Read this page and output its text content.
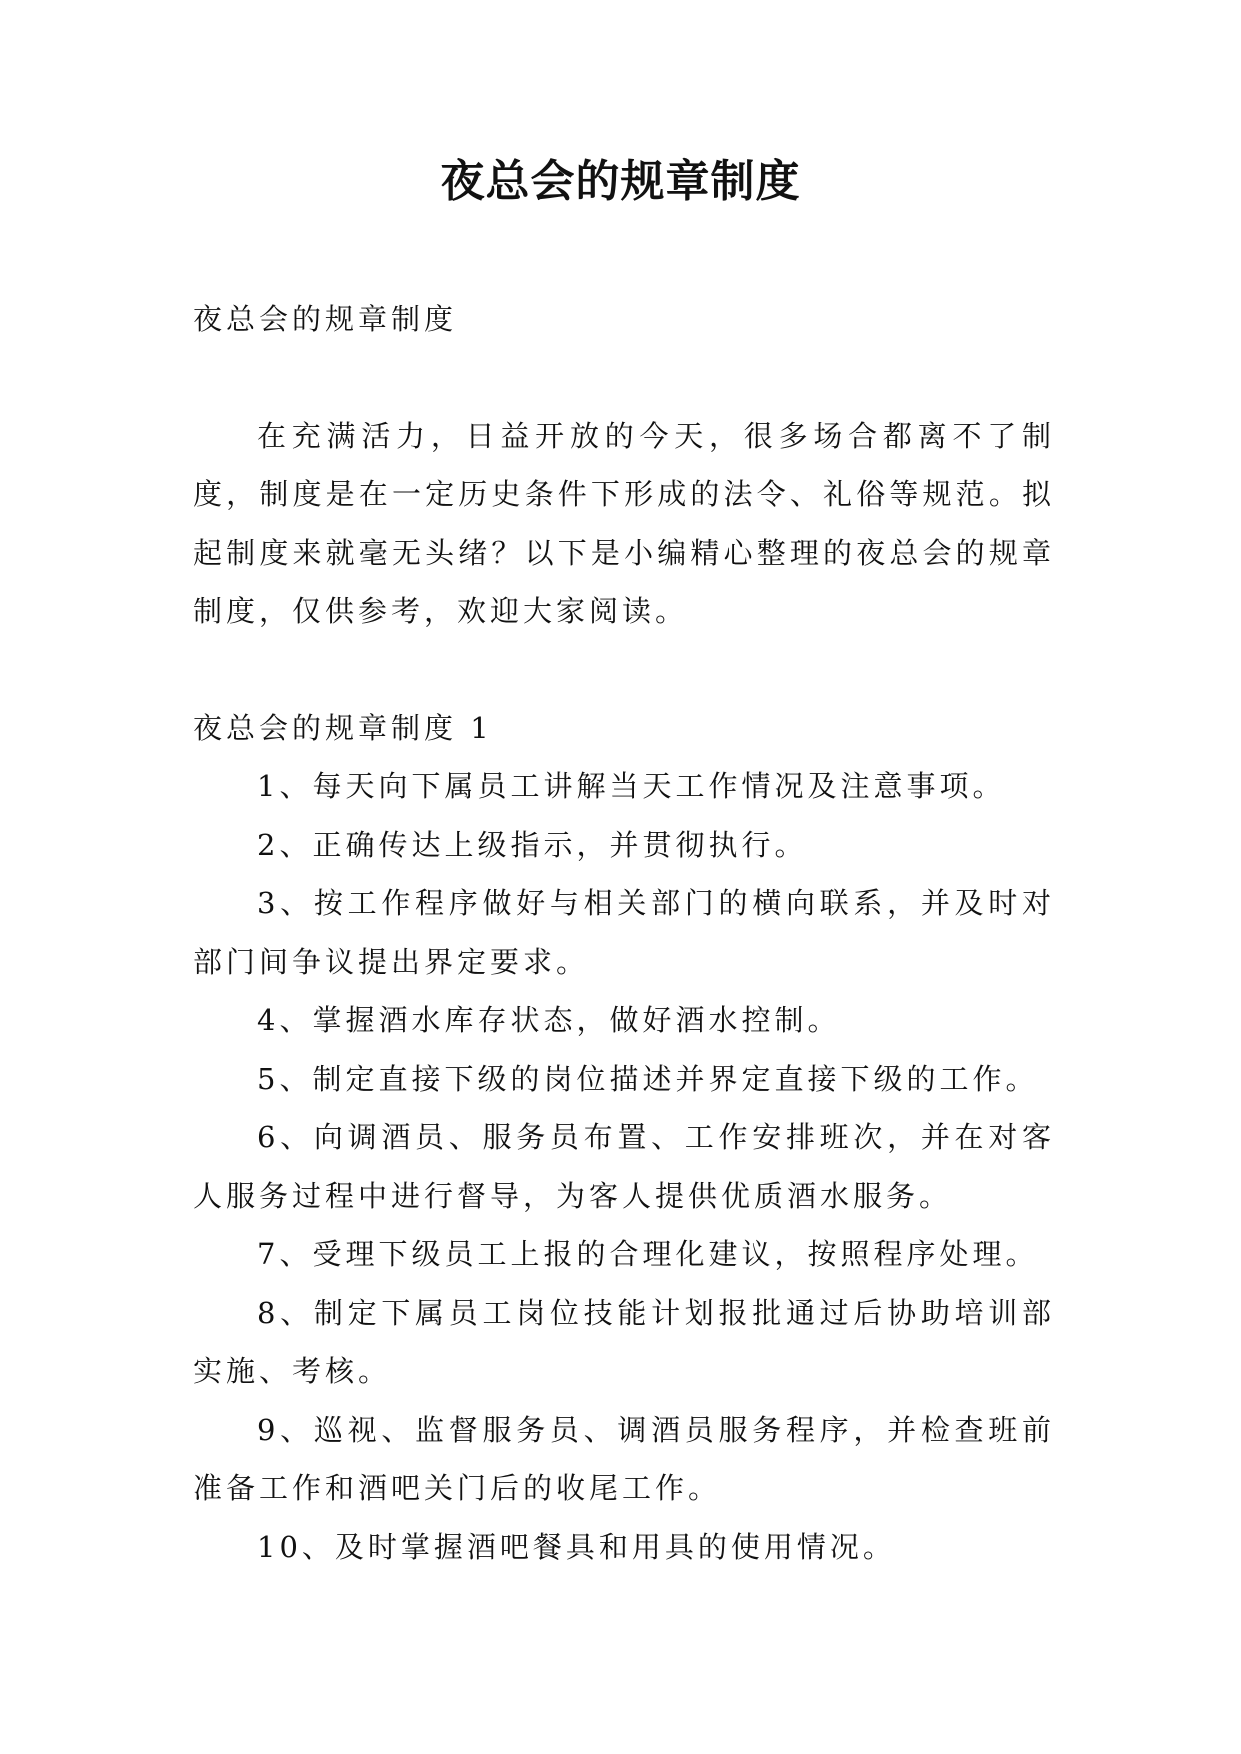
夜总会的规章制度

夜总会的规章制度

在充满活力，日益开放的今天，很多场合都离不了制度，制度是在一定历史条件下形成的法令、礼俗等规范。拟起制度来就毫无头绪？以下是小编精心整理的夜总会的规章制度，仅供参考，欢迎大家阅读。

夜总会的规章制度 1

1、每天向下属员工讲解当天工作情况及注意事项。

2、正确传达上级指示，并贯彻执行。

3、按工作程序做好与相关部门的横向联系，并及时对部门间争议提出界定要求。

4、掌握酒水库存状态，做好酒水控制。

5、制定直接下级的岗位描述并界定直接下级的工作。

6、向调酒员、服务员布置、工作安排班次，并在对客人服务过程中进行督导，为客人提供优质酒水服务。

7、受理下级员工上报的合理化建议，按照程序处理。

8、制定下属员工岗位技能计划报批通过后协助培训部实施、考核。

9、巡视、监督服务员、调酒员服务程序，并检查班前准备工作和酒吧关门后的收尾工作。

10、及时掌握酒吧餐具和用具的使用情况。
